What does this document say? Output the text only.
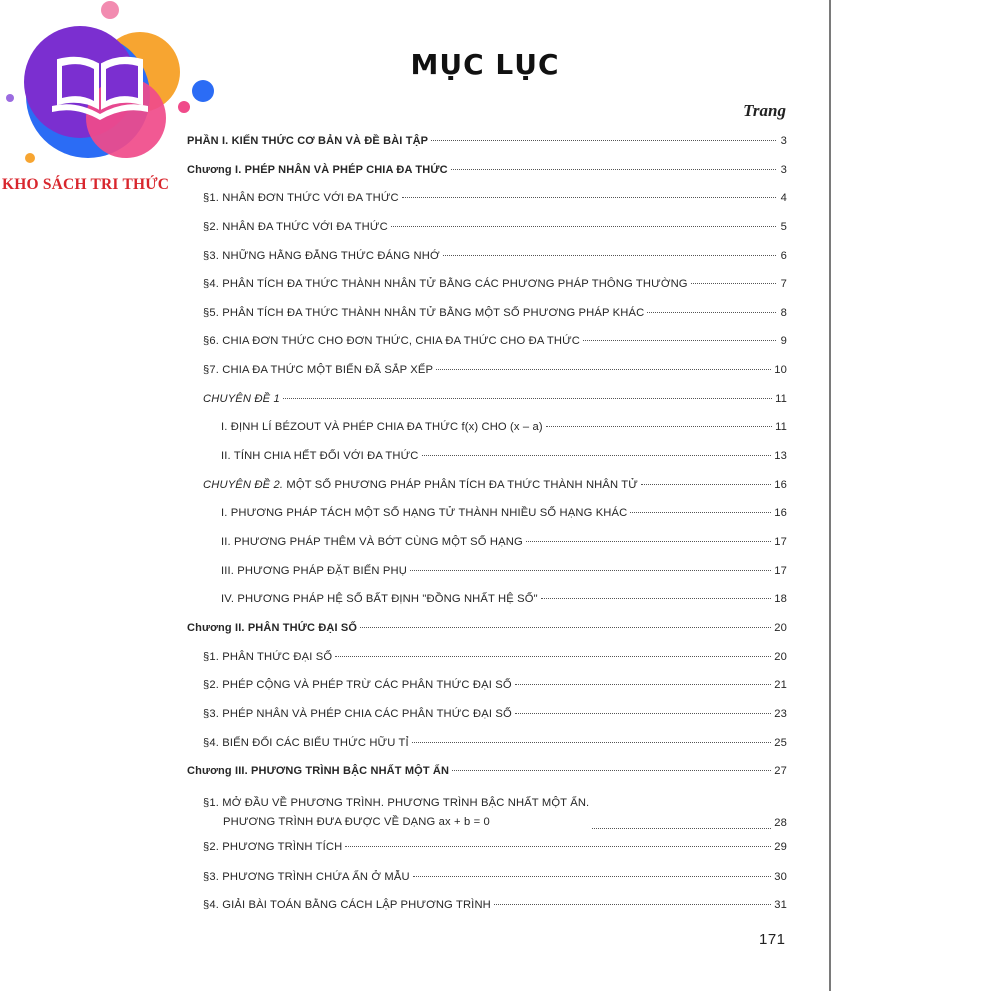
KHO SÁCH TRI THỨC
MỤC LỤC
Trang
PHẦN I. KIẾN THỨC CƠ BẢN VÀ ĐỀ BÀI TẬP	3
Chương I. PHÉP NHÂN VÀ PHÉP CHIA ĐA THỨC	3
§1. NHÂN ĐƠN THỨC VỚI ĐA THỨC	4
§2. NHÂN ĐA THỨC VỚI ĐA THỨC	5
§3. NHỮNG HẰNG ĐẲNG THỨC ĐÁNG NHỚ	6
§4. PHÂN TÍCH ĐA THỨC THÀNH NHÂN TỬ BẰNG CÁC PHƯƠNG PHÁP THÔNG THƯỜNG	7
§5. PHÂN TÍCH ĐA THỨC THÀNH NHÂN TỬ BẰNG MỘT SỐ PHƯƠNG PHÁP KHÁC	8
§6. CHIA ĐƠN THỨC CHO ĐƠN THỨC, CHIA ĐA THỨC CHO ĐA THỨC	9
§7. CHIA ĐA THỨC MỘT BIẾN ĐÃ SẮP XẾP	10
CHUYÊN ĐỀ 1	11
I. ĐỊNH LÍ BÉZOUT VÀ PHÉP CHIA ĐA THỨC f(x) CHO (x – a)	11
II. TÍNH CHIA HẾT ĐỐI VỚI ĐA THỨC	13
CHUYÊN ĐỀ 2. MỘT SỐ PHƯƠNG PHÁP PHÂN TÍCH ĐA THỨC THÀNH NHÂN TỬ	16
I. PHƯƠNG PHÁP TÁCH MỘT SỐ HẠNG TỬ THÀNH NHIỀU SỐ HẠNG KHÁC	16
II. PHƯƠNG PHÁP THÊM VÀ BỚT CÙNG MỘT SỐ HẠNG	17
III. PHƯƠNG PHÁP ĐẶT BIẾN PHỤ	17
IV. PHƯƠNG PHÁP HỆ SỐ BẤT ĐỊNH "ĐỒNG NHẤT HỆ SỐ"	18
Chương II. PHÂN THỨC ĐẠI SỐ	20
§1. PHÂN THỨC ĐẠI SỐ	20
§2. PHÉP CỘNG VÀ PHÉP TRỪ CÁC PHÂN THỨC ĐẠI SỐ	21
§3. PHÉP NHÂN VÀ PHÉP CHIA CÁC PHÂN THỨC ĐẠI SỐ	23
§4. BIẾN ĐỔI CÁC BIỂU THỨC HỮU TỈ	25
Chương III. PHƯƠNG TRÌNH BẬC NHẤT MỘT ẨN	27
§1. MỞ ĐẦU VỀ PHƯƠNG TRÌNH. PHƯƠNG TRÌNH BẬC NHẤT MỘT ẨN.
PHƯƠNG TRÌNH ĐƯA ĐƯỢC VỀ DẠNG ax + b = 0	28
§2. PHƯƠNG TRÌNH TÍCH	29
§3. PHƯƠNG TRÌNH CHỨA ẨN Ở MẪU	30
§4. GIẢI BÀI TOÁN BẰNG CÁCH LẬP PHƯƠNG TRÌNH	31
171
